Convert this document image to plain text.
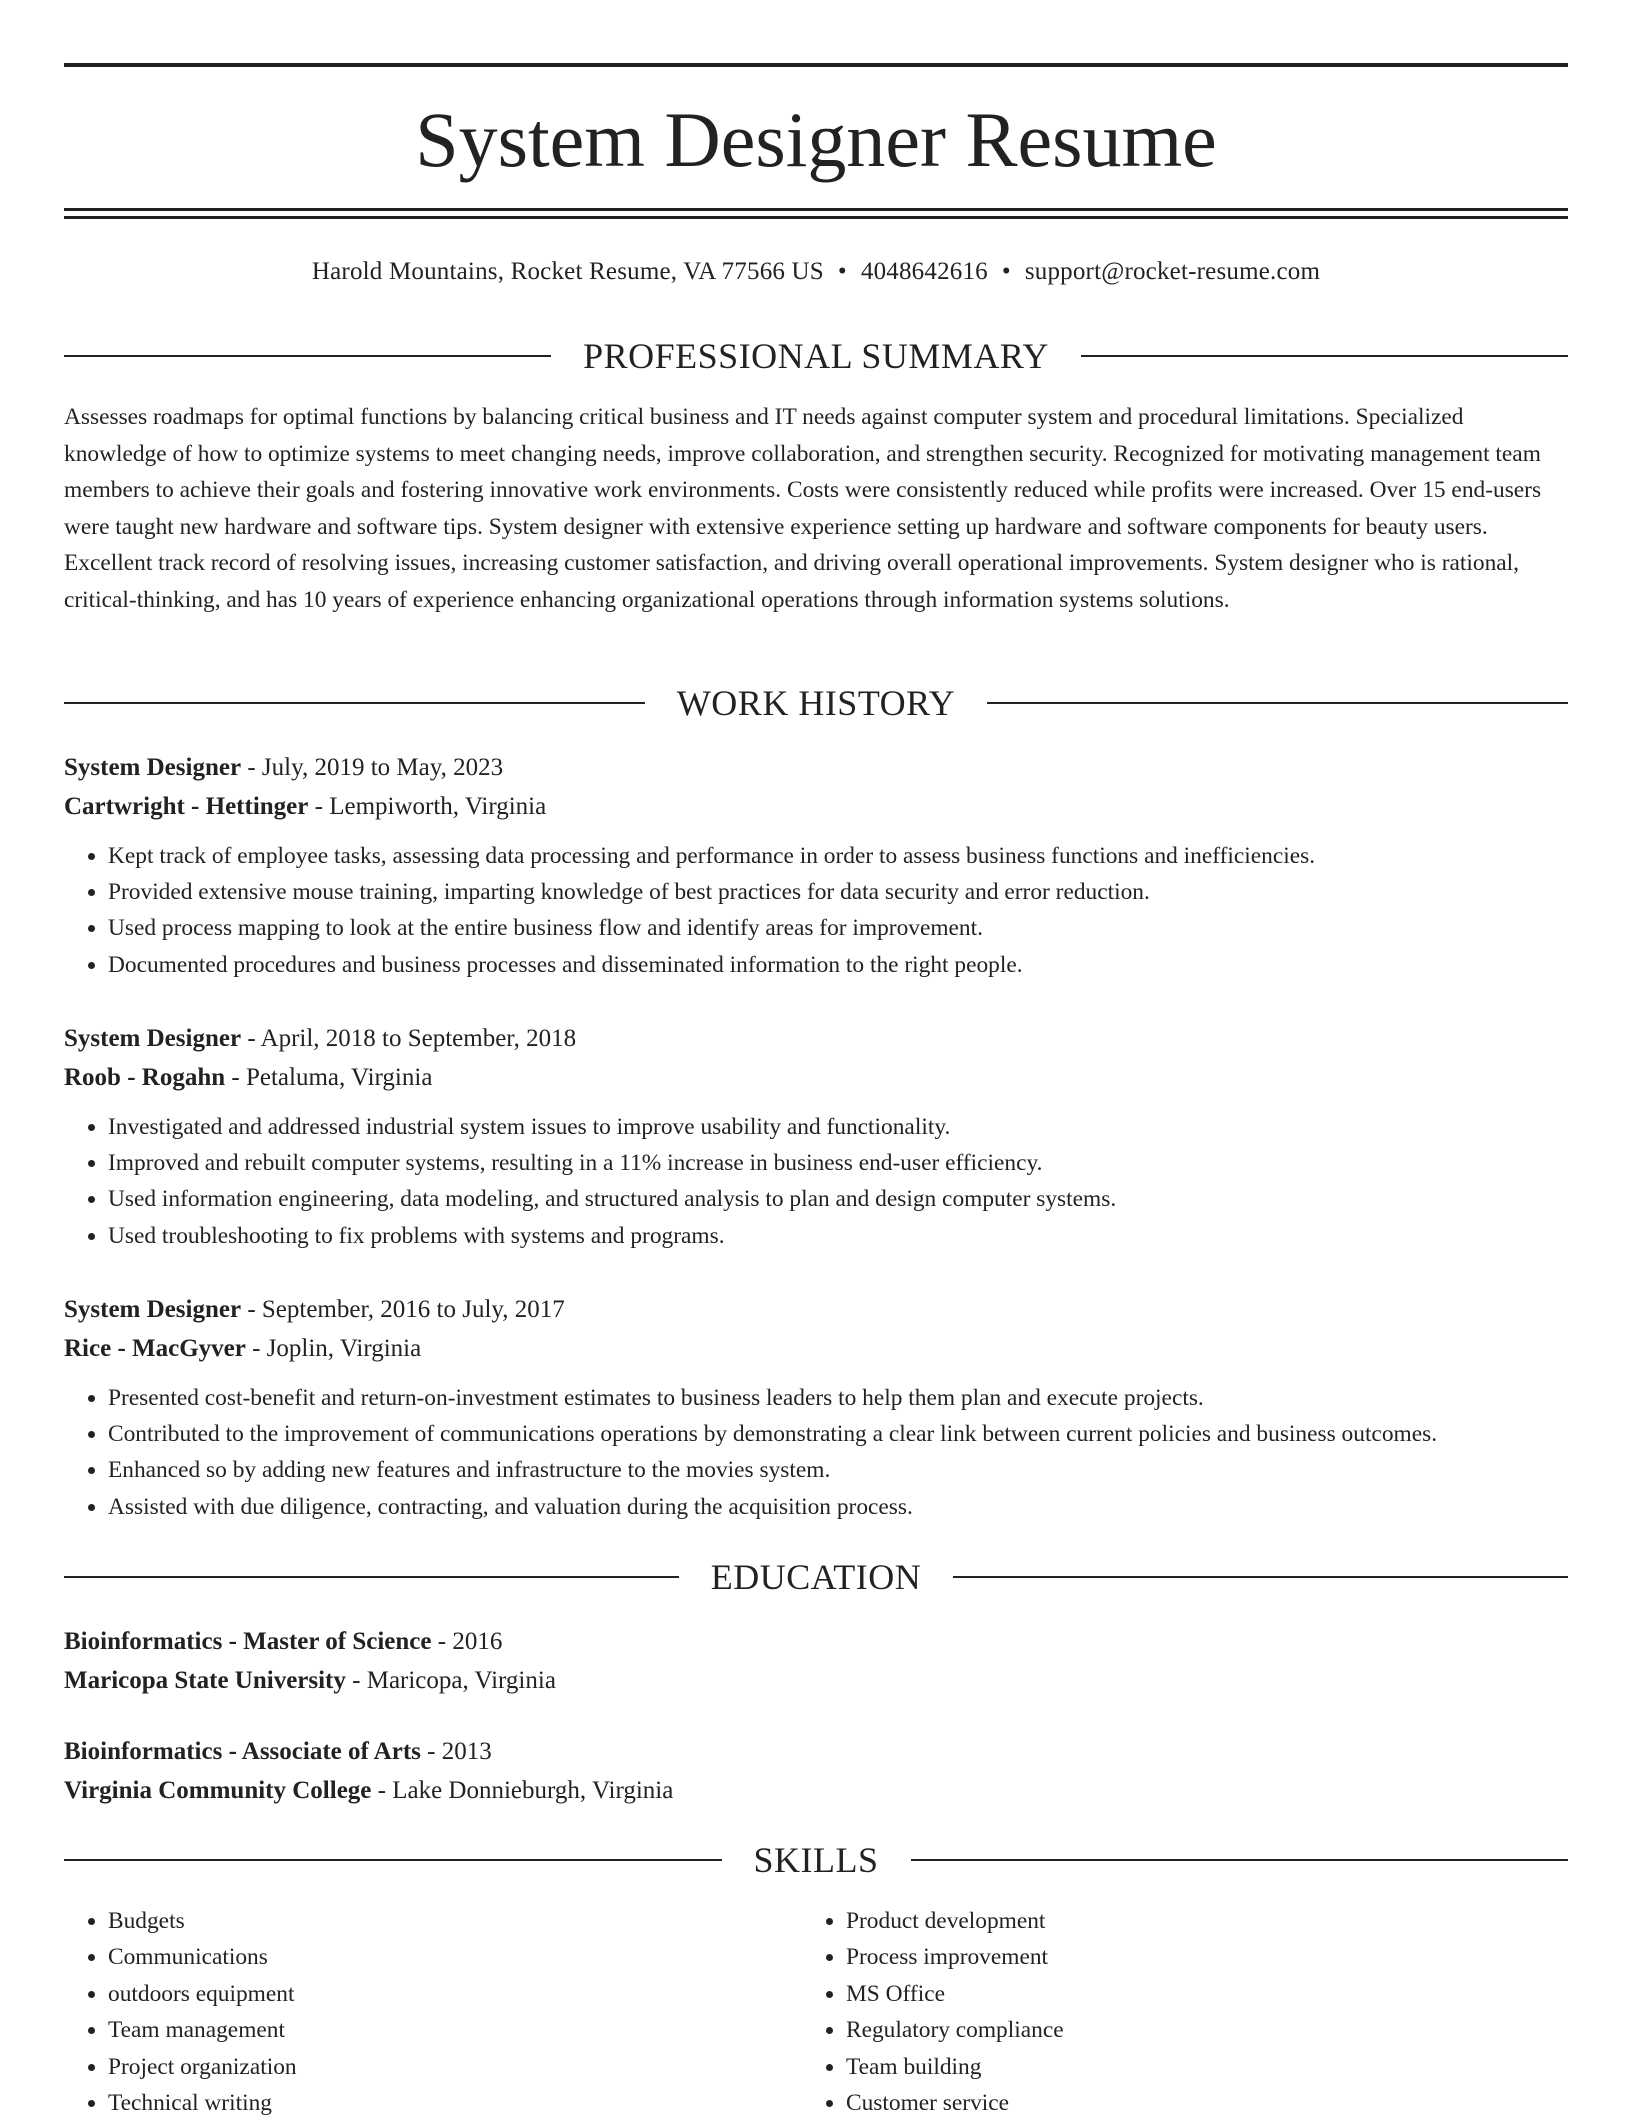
System Designer Resume
Harold Mountains, Rocket Resume, VA 77566 US • 4048642616 • support@rocket-resume.com
PROFESSIONAL SUMMARY

Assesses roadmaps for optimal functions by balancing critical business and IT needs against computer system and procedural limitations. Specialized knowledge of how to optimize systems to meet changing needs, improve collaboration, and strengthen security. Recognized for motivating management team members to achieve their goals and fostering innovative work environments. Costs were consistently reduced while profits were increased. Over 15 end-users were taught new hardware and software tips. System designer with extensive experience setting up hardware and software components for beauty users. Excellent track record of resolving issues, increasing customer satisfaction, and driving overall operational improvements. System designer who is rational, critical-thinking, and has 10 years of experience enhancing organizational operations through information systems solutions.

WORK HISTORY
System Designer - July, 2019 to May, 2023
Cartwright - Hettinger - Lempiworth, Virginia
• Kept track of employee tasks, assessing data processing and performance in order to assess business functions and inefficiencies.
• Provided extensive mouse training, imparting knowledge of best practices for data security and error reduction.
• Used process mapping to look at the entire business flow and identify areas for improvement.
• Documented procedures and business processes and disseminated information to the right people.
System Designer - April, 2018 to September, 2018
Roob - Rogahn - Petaluma, Virginia
• Investigated and addressed industrial system issues to improve usability and functionality.
• Improved and rebuilt computer systems, resulting in a 11% increase in business end-user efficiency.
• Used information engineering, data modeling, and structured analysis to plan and design computer systems.
• Used troubleshooting to fix problems with systems and programs.
System Designer - September, 2016 to July, 2017
Rice - MacGyver - Joplin, Virginia
• Presented cost-benefit and return-on-investment estimates to business leaders to help them plan and execute projects.
• Contributed to the improvement of communications operations by demonstrating a clear link between current policies and business outcomes.
• Enhanced so by adding new features and infrastructure to the movies system.
• Assisted with due diligence, contracting, and valuation during the acquisition process.
EDUCATION
Bioinformatics - Master of Science - 2016
Maricopa State University - Maricopa, Virginia
Bioinformatics - Associate of Arts - 2013
Virginia Community College - Lake Donnieburgh, Virginia
SKILLS
• Budgets
• Communications
• outdoors equipment
• Team management
• Project organization
• Technical writing
• Product development
• Process improvement
• MS Office
• Regulatory compliance
• Team building
• Customer service
